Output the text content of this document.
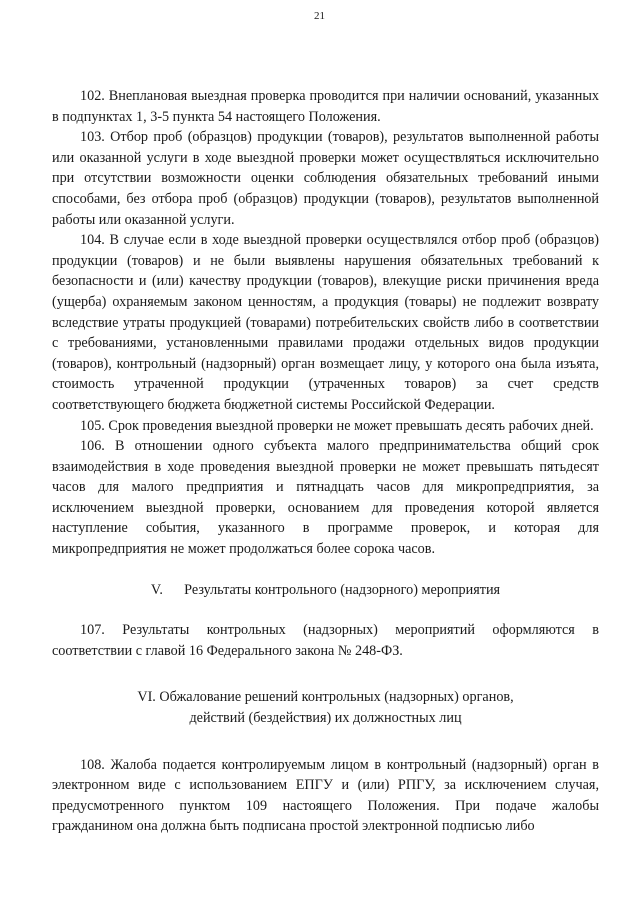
21

102. Внеплановая выездная проверка проводится при наличии оснований, указанных в подпунктах 1, 3-5 пункта 54 настоящего Положения.

103. Отбор проб (образцов) продукции (товаров), результатов выполненной работы или оказанной услуги в ходе выездной проверки может осуществляться исключительно при отсутствии возможности оценки соблюдения обязательных требований иными способами, без отбора проб (образцов) продукции (товаров), результатов выполненной работы или оказанной услуги.

104. В случае если в ходе выездной проверки осуществлялся отбор проб (образцов) продукции (товаров) и не были выявлены нарушения обязательных требований к безопасности и (или) качеству продукции (товаров), влекущие риски причинения вреда (ущерба) охраняемым законом ценностям, а продукция (товары) не подлежит возврату вследствие утраты продукцией (товарами) потребительских свойств либо в соответствии с требованиями, установленными правилами продажи отдельных видов продукции (товаров), контрольный (надзорный) орган возмещает лицу, у которого она была изъята, стоимость утраченной продукции (утраченных товаров) за счет средств соответствующего бюджета бюджетной системы Российской Федерации.

105. Срок проведения выездной проверки не может превышать десять рабочих дней.

106. В отношении одного субъекта малого предпринимательства общий срок взаимодействия в ходе проведения выездной проверки не может превышать пятьдесят часов для малого предприятия и пятнадцать часов для микропредприятия, за исключением выездной проверки, основанием для проведения которой является наступление события, указанного в программе проверок, и которая для микропредприятия не может продолжаться более сорока часов.

V.      Результаты контрольного (надзорного) мероприятия

107. Результаты контрольных (надзорных) мероприятий оформляются в соответствии с главой 16 Федерального закона № 248-ФЗ.

VI. Обжалование решений контрольных (надзорных) органов,
действий (бездействия) их должностных лиц

108. Жалоба подается контролируемым лицом в контрольный (надзорный) орган в электронном виде с использованием ЕПГУ и (или) РПГУ, за исключением случая, предусмотренного пунктом 109 настоящего Положения. При подаче жалобы гражданином она должна быть подписана простой электронной подписью либо
